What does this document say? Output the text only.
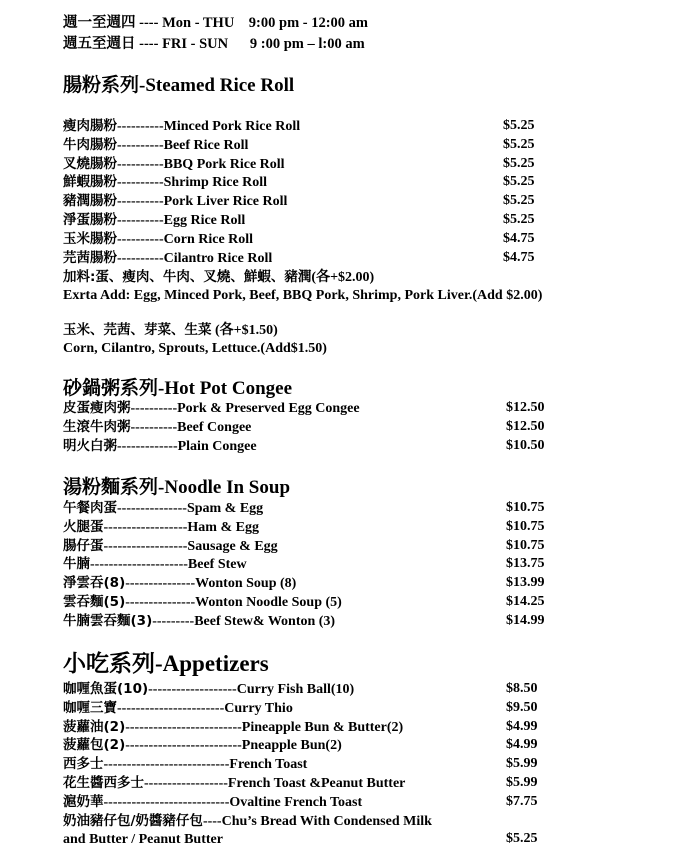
週一至週四 ---- Mon - THU    9:00 pm - 12:00 am
週五至週日 ---- FRI - SUN      9 :00 pm – l:00 am
腸粉系列-Steamed Rice Roll
砂鍋粥系列-Hot Pot Congee
湯粉麵系列-Noodle In Soup
小吃系列-Appetizers
瘦肉腸粉----------Minced Pork Rice Roll	$5.25
牛肉腸粉----------Beef Rice Roll	$5.25
叉燒腸粉----------BBQ Pork Rice Roll	$5.25
鮮蝦腸粉----------Shrimp Rice Roll	$5.25
豬潤腸粉----------Pork Liver Rice Roll	$5.25
淨蛋腸粉----------Egg Rice Roll	$5.25
玉米腸粉----------Corn Rice Roll	$4.75
芫茜腸粉----------Cilantro Rice Roll	$4.75
加料:蛋、瘦肉、牛肉、叉燒、鮮蝦、豬潤(各+$2.00)
Exrta Add: Egg, Minced Pork, Beef, BBQ Pork, Shrimp, Pork Liver.(Add $2.00)
玉米、芫茜、芽菜、生菜 (各+$1.50)
Corn, Cilantro, Sprouts, Lettuce.(Add$1.50)
皮蛋瘦肉粥----------Pork & Preserved Egg Congee	$12.50
生滾牛肉粥----------Beef Congee	$12.50
明火白粥-------------Plain Congee	$10.50
午餐肉蛋---------------Spam & Egg	$10.75
火腿蛋------------------Ham & Egg	$10.75
腸仔蛋------------------Sausage & Egg	$10.75
牛腩---------------------Beef Stew	$13.75
淨雲吞(8)---------------Wonton Soup (8)	$13.99
雲吞麵(5)---------------Wonton Noodle Soup (5)	$14.25
牛腩雲吞麵(3)---------Beef Stew& Wonton (3)	$14.99
咖喱魚蛋(10)-------------------Curry Fish Ball(10)	$8.50
咖喱三寶-----------------------Curry Thio	$9.50
菠蘿油(2)-------------------------Pineapple Bun & Butter(2)	$4.99
菠蘿包(2)-------------------------Pneapple Bun(2)	$4.99
西多士---------------------------French Toast	$5.99
花生醬西多士------------------French Toast &Peanut Butter	$5.99
滬奶華---------------------------Ovaltine French Toast	$7.75
奶油豬仔包/奶醬豬仔包----Chu’s Bread With Condensed Milk
and Butter / Peanut Butter	$5.25
